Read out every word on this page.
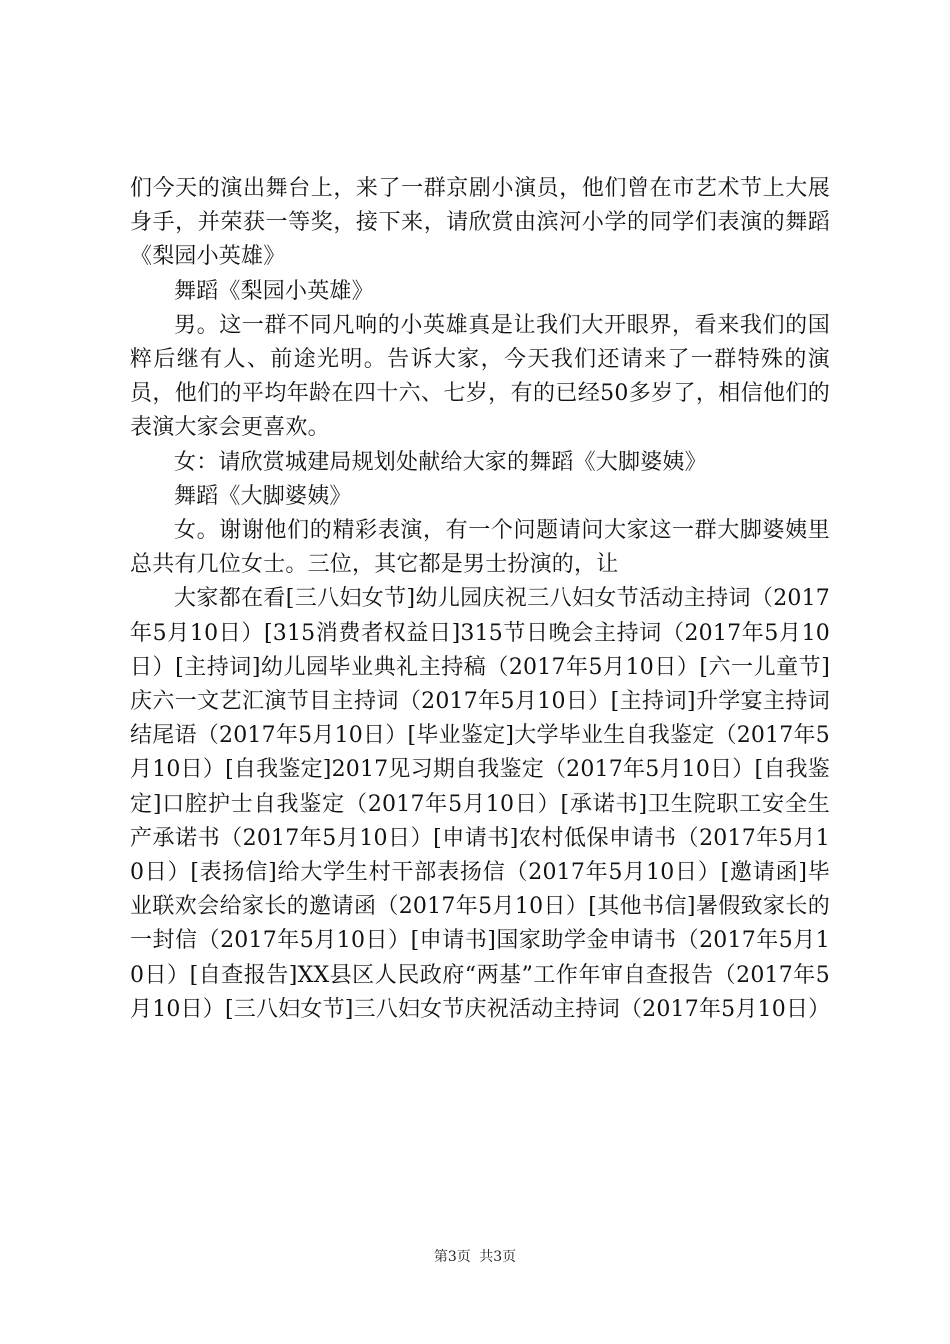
们今天的演出舞台上，来了一群京剧小演员，他们曾在市艺术节上大展身手，并荣获一等奖，接下来，请欣赏由滨河小学的同学们表演的舞蹈《梨园小英雄》

舞蹈《梨园小英雄》

男。这一群不同凡响的小英雄真是让我们大开眼界，看来我们的国粹后继有人、前途光明。告诉大家，今天我们还请来了一群特殊的演员，他们的平均年龄在四十六、七岁，有的已经50多岁了，相信他们的表演大家会更喜欢。

女：请欣赏城建局规划处献给大家的舞蹈《大脚婆姨》

舞蹈《大脚婆姨》

女。谢谢他们的精彩表演，有一个问题请问大家这一群大脚婆姨里总共有几位女士。三位，其它都是男士扮演的，让

大家都在看[三八妇女节]幼儿园庆祝三八妇女节活动主持词（2017年5月10日）[315消费者权益日]315节日晚会主持词（2017年5月10日）[主持词]幼儿园毕业典礼主持稿（2017年5月10日）[六一儿童节]庆六一文艺汇演节目主持词（2017年5月10日）[主持词]升学宴主持词结尾语（2017年5月10日）[毕业鉴定]大学毕业生自我鉴定（2017年5月10日）[自我鉴定]2017见习期自我鉴定（2017年5月10日）[自我鉴定]口腔护士自我鉴定（2017年5月10日）[承诺书]卫生院职工安全生产承诺书（2017年5月10日）[申请书]农村低保申请书（2017年5月10日）[表扬信]给大学生村干部表扬信（2017年5月10日）[邀请函]毕业联欢会给家长的邀请函（2017年5月10日）[其他书信]暑假致家长的一封信（2017年5月10日）[申请书]国家助学金申请书（2017年5月10日）[自查报告]XX县区人民政府“两基”工作年审自查报告（2017年5月10日）[三八妇女节]三八妇女节庆祝活动主持词（2017年5月10日）

第3页 共3页
